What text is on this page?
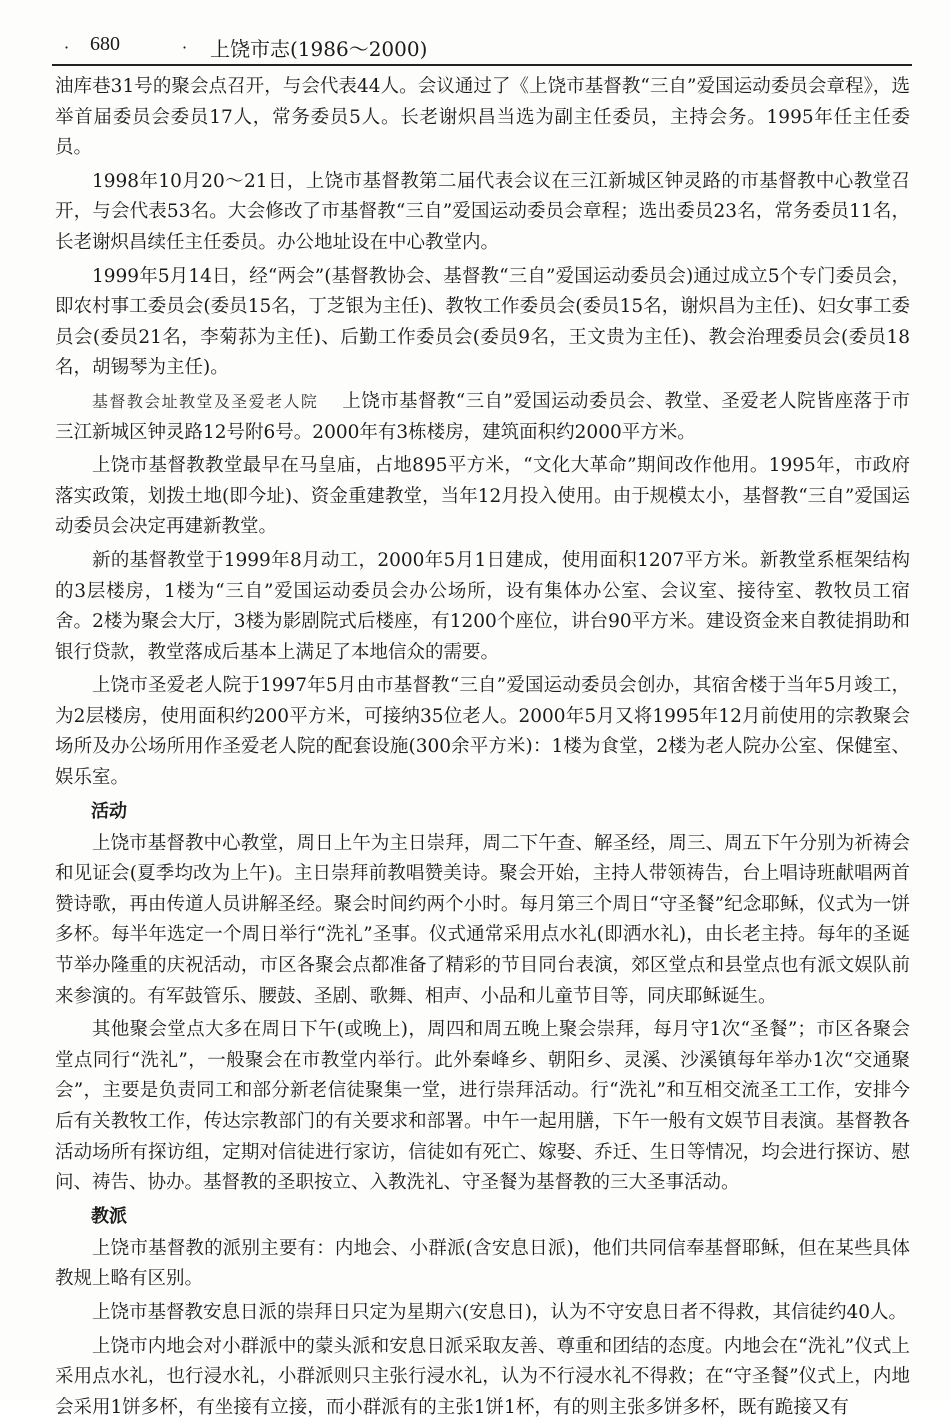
· 680	· 上饶市志(1986～2000)

油库巷31号的聚会点召开，与会代表44人。会议通过了《上饶市基督教“三自”爱国运动委员会章程》，选举首届委员会委员17人，常务委员5人。长老谢炽昌当选为副主任委员，主持会务。1995年任主任委员。

1998年10月20～21日，上饶市基督教第二届代表会议在三江新城区钟灵路的市基督教中心教堂召开，与会代表53名。大会修改了市基督教“三自”爱国运动委员会章程；选出委员23名，常务委员11名，长老谢炽昌续任主任委员。办公地址设在中心教堂内。

1999年5月14日，经“两会”(基督教协会、基督教“三自”爱国运动委员会)通过成立5个专门委员会，即农村事工委员会(委员15名，丁芝银为主任)、教牧工作委员会(委员15名，谢炽昌为主任)、妇女事工委员会(委员21名，李菊荪为主任)、后勤工作委员会(委员9名，王文贵为主任)、教会治理委员会(委员18名，胡锡琴为主任)。

基督教会址教堂及圣爱老人院 上饶市基督教“三自”爱国运动委员会、教堂、圣爱老人院皆座落于市三江新城区钟灵路12号附6号。2000年有3栋楼房，建筑面积约2000平方米。

上饶市基督教教堂最早在马皇庙，占地895平方米，“文化大革命”期间改作他用。1995年，市政府落实政策，划拨土地(即今址)、资金重建教堂，当年12月投入使用。由于规模太小，基督教“三自”爱国运动委员会决定再建新教堂。

新的基督教堂于1999年8月动工，2000年5月1日建成，使用面积1207平方米。新教堂系框架结构的3层楼房，1楼为“三自”爱国运动委员会办公场所，设有集体办公室、会议室、接待室、教牧员工宿舍。2楼为聚会大厅，3楼为影剧院式后楼座，有1200个座位，讲台90平方米。建设资金来自教徒捐助和银行贷款，教堂落成后基本上满足了本地信众的需要。

上饶市圣爱老人院于1997年5月由市基督教“三自”爱国运动委员会创办，其宿舍楼于当年5月竣工，为2层楼房，使用面积约200平方米，可接纳35位老人。2000年5月又将1995年12月前使用的宗教聚会场所及办公场所用作圣爱老人院的配套设施(300余平方米)：1楼为食堂，2楼为老人院办公室、保健室、娱乐室。

活动

上饶市基督教中心教堂，周日上午为主日崇拜，周二下午查、解圣经，周三、周五下午分别为祈祷会和见证会(夏季均改为上午)。主日崇拜前教唱赞美诗。聚会开始，主持人带领祷告，台上唱诗班献唱两首赞诗歌，再由传道人员讲解圣经。聚会时间约两个小时。每月第三个周日“守圣餐”纪念耶稣，仪式为一饼多杯。每半年选定一个周日举行“洗礼”圣事。仪式通常采用点水礼(即洒水礼)，由长老主持。每年的圣诞节举办隆重的庆祝活动，市区各聚会点都准备了精彩的节目同台表演，郊区堂点和县堂点也有派文娱队前来参演的。有军鼓管乐、腰鼓、圣剧、歌舞、相声、小品和儿童节目等，同庆耶稣诞生。

其他聚会堂点大多在周日下午(或晚上)，周四和周五晚上聚会崇拜，每月守1次“圣餐”；市区各聚会堂点同行“洗礼”，一般聚会在市教堂内举行。此外秦峰乡、朝阳乡、灵溪、沙溪镇每年举办1次“交通聚会”，主要是负责同工和部分新老信徒聚集一堂，进行崇拜活动。行“洗礼”和互相交流圣工工作，安排今后有关教牧工作，传达宗教部门的有关要求和部署。中午一起用膳，下午一般有文娱节目表演。基督教各活动场所有探访组，定期对信徒进行家访，信徒如有死亡、嫁娶、乔迁、生日等情况，均会进行探访、慰问、祷告、协办。基督教的圣职按立、入教洗礼、守圣餐为基督教的三大圣事活动。

教派

上饶市基督教的派别主要有：内地会、小群派(含安息日派)，他们共同信奉基督耶稣，但在某些具体教规上略有区别。

上饶市基督教安息日派的崇拜日只定为星期六(安息日)，认为不守安息日者不得救，其信徒约40人。

上饶市内地会对小群派中的蒙头派和安息日派采取友善、尊重和团结的态度。内地会在“洗礼”仪式上采用点水礼，也行浸水礼，小群派则只主张行浸水礼，认为不行浸水礼不得救；在“守圣餐”仪式上，内地会采用1饼多杯，有坐接有立接，而小群派有的主张1饼1杯，有的则主张多饼多杯，既有跪接又有
